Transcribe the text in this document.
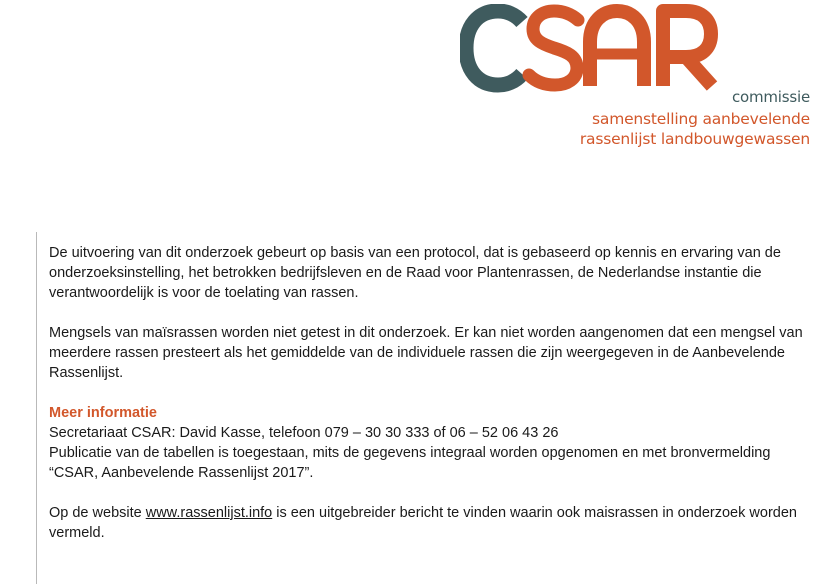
commissie
samenstelling aanbevelende
rassenlijst landbouwgewassen

De uitvoering van dit onderzoek gebeurt op basis van een protocol, dat is gebaseerd op kennis en ervaring van de onderzoeksinstelling, het betrokken bedrijfsleven en de Raad voor Plantenrassen, de Nederlandse instantie die verantwoordelijk is voor de toelating van rassen.

Mengsels van maïsrassen worden niet getest in dit onderzoek. Er kan niet worden aangenomen dat een mengsel van meerdere rassen presteert als het gemiddelde van de individuele rassen die zijn weergegeven in de Aanbevelende Rassenlijst.

Meer informatie
Secretariaat CSAR: David Kasse, telefoon 079 – 30 30 333 of 06 – 52 06 43 26

Publicatie van de tabellen is toegestaan, mits de gegevens integraal worden opgenomen en met bronvermelding “CSAR, Aanbevelende Rassenlijst 2017”.

Op de website www.rassenlijst.info is een uitgebreider bericht te vinden waarin ook maisrassen in onderzoek worden vermeld.
